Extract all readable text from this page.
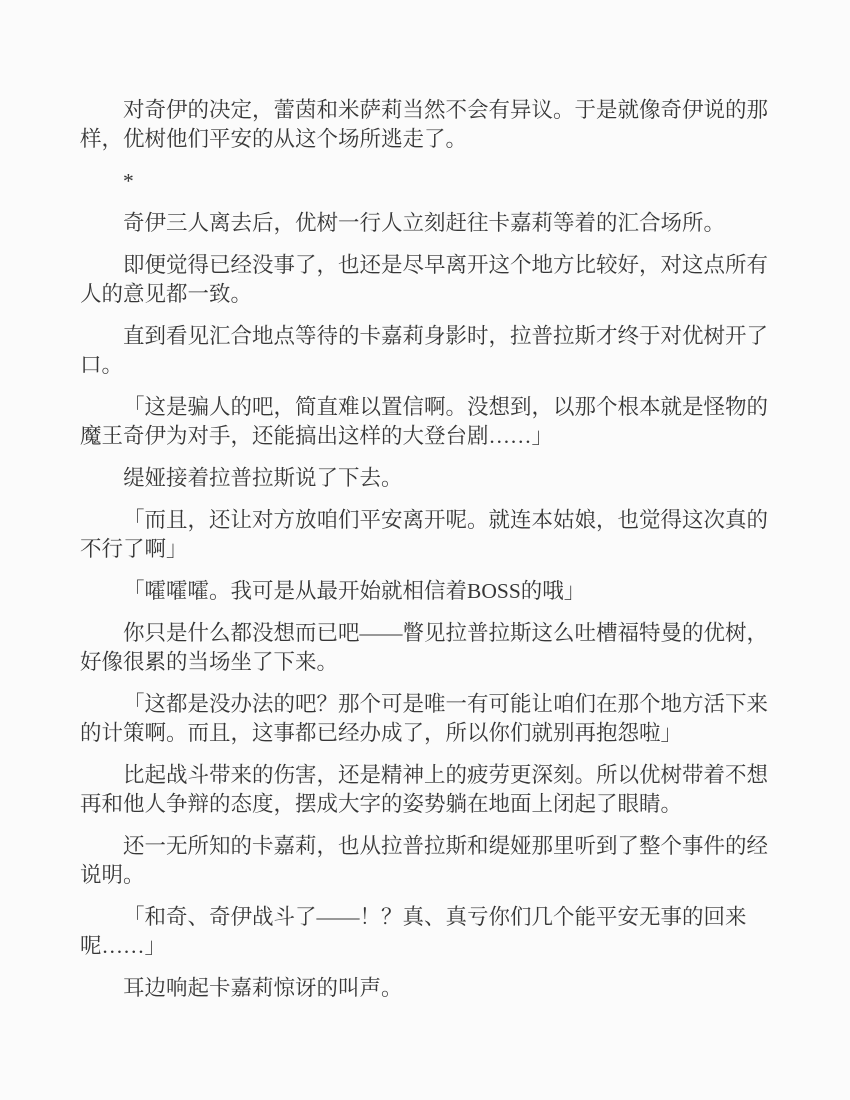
对奇伊的决定，蕾茵和米萨莉当然不会有异议。于是就像奇伊说的那样，优树他们平安的从这个场所逃走了。

*

奇伊三人离去后，优树一行人立刻赶往卡嘉莉等着的汇合场所。

即便觉得已经没事了，也还是尽早离开这个地方比较好，对这点所有人的意见都一致。

直到看见汇合地点等待的卡嘉莉身影时，拉普拉斯才终于对优树开了口。

「这是骗人的吧，简直难以置信啊。没想到，以那个根本就是怪物的魔王奇伊为对手，还能搞出这样的大登台剧……」

缇娅接着拉普拉斯说了下去。

「而且，还让对方放咱们平安离开呢。就连本姑娘，也觉得这次真的不行了啊」

「嚯嚯嚯。我可是从最开始就相信着BOSS的哦」

你只是什么都没想而已吧——瞥见拉普拉斯这么吐槽福特曼的优树，好像很累的当场坐了下来。

「这都是没办法的吧？那个可是唯一有可能让咱们在那个地方活下来的计策啊。而且，这事都已经办成了，所以你们就别再抱怨啦」

比起战斗带来的伤害，还是精神上的疲劳更深刻。所以优树带着不想再和他人争辩的态度，摆成大字的姿势躺在地面上闭起了眼睛。

还一无所知的卡嘉莉，也从拉普拉斯和缇娅那里听到了整个事件的经说明。

「和奇、奇伊战斗了——！？真、真亏你们几个能平安无事的回来呢……」

耳边响起卡嘉莉惊讶的叫声。
